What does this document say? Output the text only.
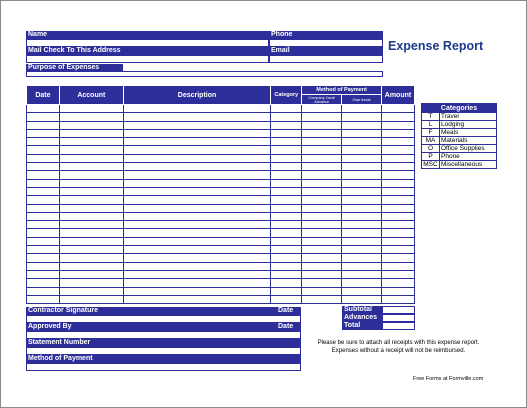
Name	Phone
Mail Check To This Address	Email
Purpose of Expenses
Expense Report
Date	Account	Description	Category	Method of Payment		Amount
				Company Card/ Advance	Own funds	

Categories	
T	Travel
L	Lodging
F	Meals
MA	Materials
O	Office Supplies
P	Phone
MSC	Miscellaneous
Contractor Signature	Date
Approved By	Date
Statement Number
Method of Payment
Subtotal
Advances
Total
Please be sure to attach all receipts with this expense report.
Expenses without a receipt will not be reimbursed.
Free Forms at Formville.com
